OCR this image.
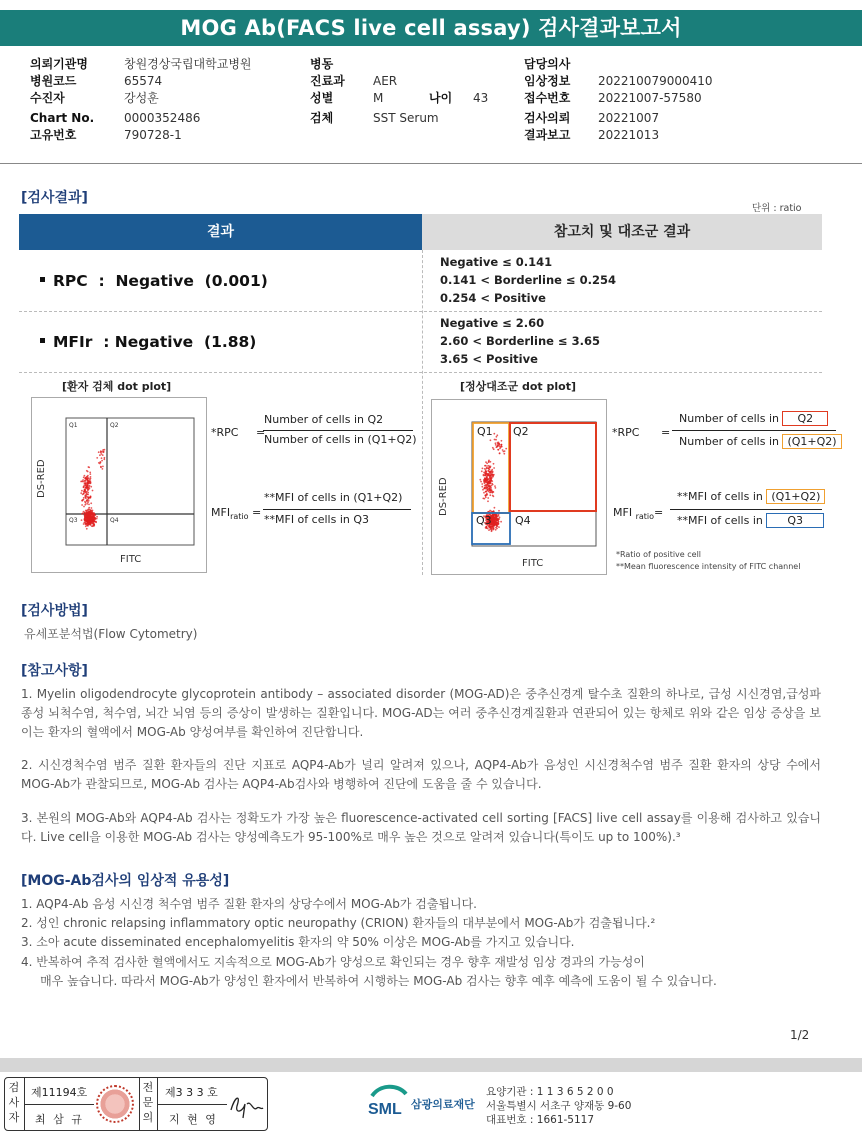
MOG Ab(FACS live cell assay) 검사결과보고서
의뢰기관명	창원경상국립대학교병원
병원코드	65574
수진자	강성훈
Chart No.	0000352486
고유번호	790728-1
병동
진료과	AER
성별	M	나이	43
검체	SST Serum
담당의사
임상정보	202210079000410
접수번호	20221007-57580
검사의뢰	20221007
결과보고	20221013
[검사결과]
단위 : ratio
결과	참고치 및 대조군 결과
RPC  :  Negative  (0.001)
Negative ≤ 0.141
0.141 < Borderline ≤ 0.254
0.254 < Positive
MFIr  : Negative  (1.88)
Negative ≤ 2.60
2.60 < Borderline ≤ 3.65
3.65 < Positive
[환자 검체 dot plot]
Q1	Q2
Q3	Q4
DS-RED
FITC
*RPC =
Number of cells in Q2
Number of cells in (Q1+Q2)
$MFI_{ratio}$ =
**MFI of cells in (Q1+Q2)
**MFI of cells in Q3
[정상대조군 dot plot]
Q1 Q2
Q3 Q4
DS-RED
FITC
*RPC =
Number of cells in Q2
Number of cells in (Q1+Q2)
MFI $_{ratio}$=
**MFI of cells in (Q1+Q2)
**MFI of cells in Q3
*Ratio of positive cell
**Mean fluorescence intensity of FITC channel
[검사방법]
유세포분석법(Flow Cytometry)
[참고사항]
1. Myelin oligodendrocyte glycoprotein antibody – associated disorder (MOG-AD)은 중추신경계 탈수초 질환의 하나로, 급성 시신경염,급성파종성 뇌척수염, 척수염, 뇌간 뇌염 등의 증상이 발생하는 질환입니다. MOG-AD는 여러 중추신경계질환과 연관되어 있는 항체로 위와 같은 임상 증상을 보이는 환자의 혈액에서 MOG-Ab 양성여부를 확인하여 진단합니다.
2. 시신경척수염 범주 질환 환자들의 진단 지표로 AQP4-Ab가 널리 알려져 있으나, AQP4-Ab가 음성인 시신경척수염 범주 질환 환자의 상당 수에서 MOG-Ab가 관찰되므로, MOG-Ab 검사는 AQP4-Ab검사와 병행하여 진단에 도움을 줄 수 있습니다.
3. 본원의 MOG-Ab와 AQP4-Ab 검사는 정확도가 가장 높은 fluorescence-activated cell sorting [FACS] live cell assay를 이용해 검사하고 있습니다. Live cell을 이용한 MOG-Ab 검사는 양성예측도가 95-100%로 매우 높은 것으로 알려져 있습니다(특이도 up to 100%).³
[MOG-Ab검사의 임상적 유용성]
1. AQP4-Ab 음성 시신경 척수염 범주 질환 환자의 상당수에서 MOG-Ab가 검출됩니다.
2. 성인 chronic relapsing inflammatory optic neuropathy (CRION) 환자들의 대부분에서 MOG-Ab가 검출됩니다.²
3. 소아 acute disseminated encephalomyelitis 환자의 약 50% 이상은 MOG-Ab를 가지고 있습니다.
4. 반복하여 추적 검사한 혈액에서도 지속적으로 MOG-Ab가 양성으로 확인되는 경우 향후 재발성 임상 경과의 가능성이
매우 높습니다. 따라서 MOG-Ab가 양성인 환자에서 반복하여 시행하는 MOG-Ab 검사는 향후 예후 예측에 도움이 될 수 있습니다.
1/2
검사자
제11194호
최 삼 규
전문의
제3 3 3 호
지 현 영
SML 삼광의료재단
요양기관 : 1 1 3 6 5 2 0 0
서울특별시 서초구 양재동 9-60
대표번호 : 1661-5117
